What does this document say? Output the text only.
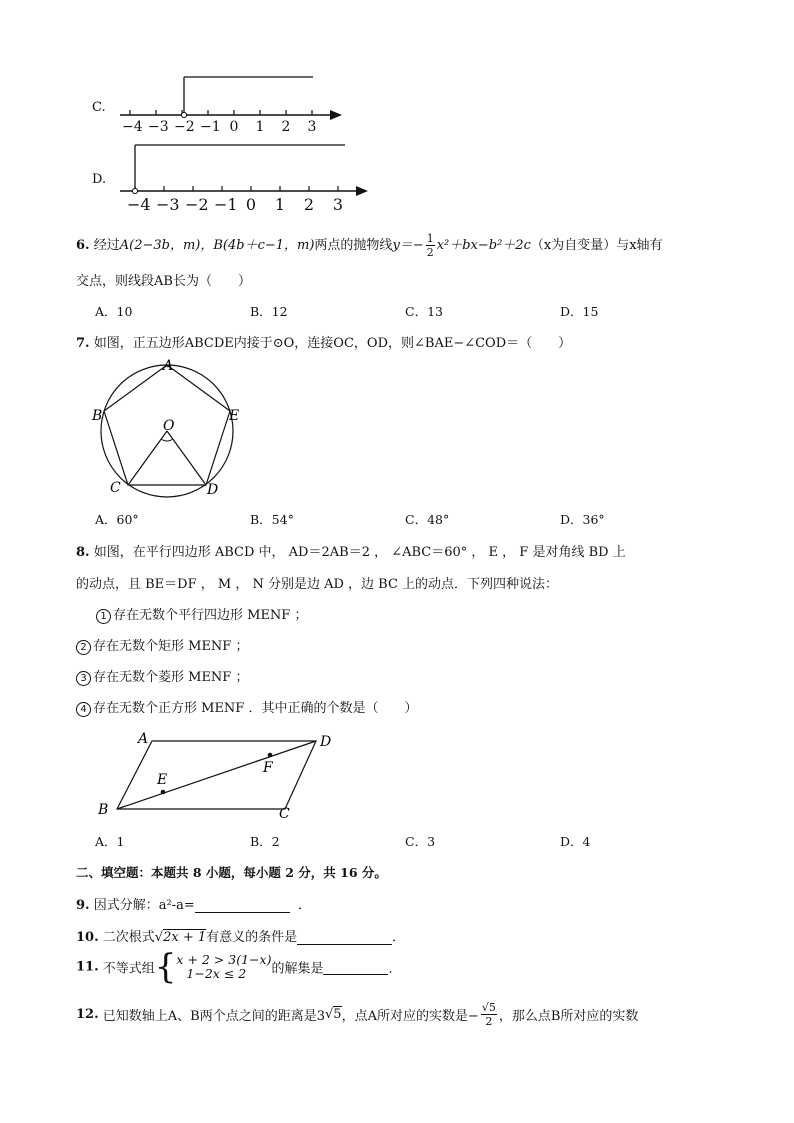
C.
−4 −3 −2 −1 0 1 2 3
D.
−4 −3 −2 −1 0 1 2 3
6. 经过A(2−3b，m)，B(4b＋c−1，m)两点的抛物线$y=- \frac{1}{2} x^2+bx-b^2+2c(x$为自变量）与x轴有
交点，则线段AB长为（　　）
A．10	B．12	C．13	D．15
7. 如图，正五边形ABCDE内接于⊙O，连接OC，OD，则∠BAE−∠COD＝（　　）
A
B	E
O
C	D
A．60°	B．54°	C．48°	D．36°
8. 如图，在平行四边形 ABCD 中， AD＝2AB＝2 ， ∠ABC＝60° ， E ， F 是对角线 BD 上
的动点，且 BE＝DF ， M ， N 分别是边 AD ，边 BC 上的动点．下列四种说法：
1 存在无数个平行四边形 MENF ；
2 存在无数个矩形 MENF ；
3 存在无数个菱形 MENF ；
4 存在无数个正方形 MENF ．其中正确的个数是（　　）
A	D
F
E
B	C
A．1	B．2	C．3	D．4
二、填空题：本题共 8 小题，每小题 2 分，共 16 分。
9. 因式分解：a²-a=	．
10. 二次根式√2x + 1有意义的条件是	．
11. 不等式组{x + 2 > 3(1−x)
1−2x ≤ 2 的解集是	．
12. 已知数轴上A、B两个点之间的距离是3√5，点A所对应的实数是− $\frac{√5}{2}$ ，那么点B所对应的实数
